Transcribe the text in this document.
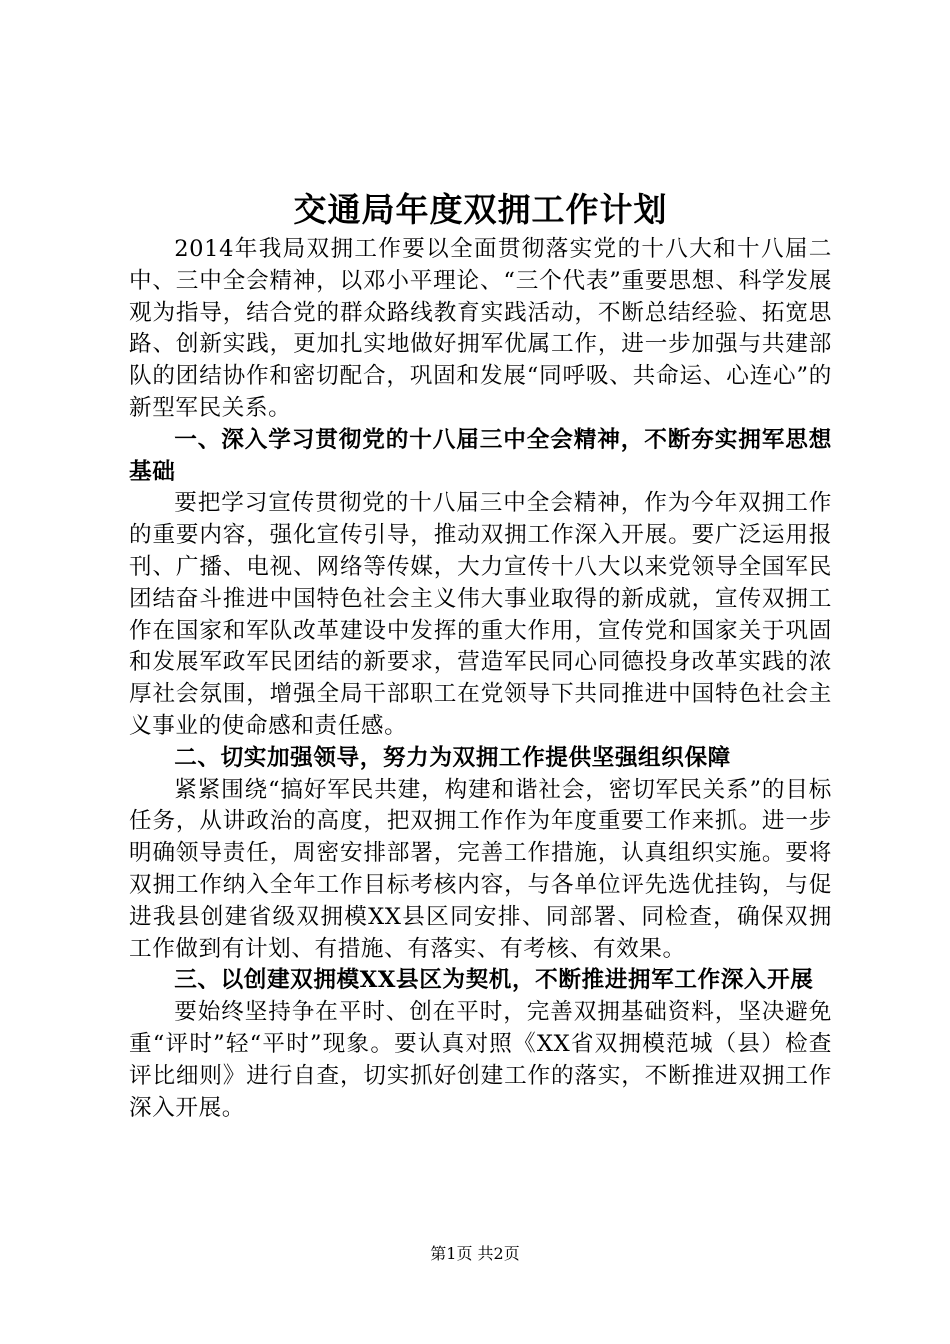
交通局年度双拥工作计划

2014年我局双拥工作要以全面贯彻落实党的十八大和十八届二中、三中全会精神，以邓小平理论、“三个代表”重要思想、科学发展观为指导，结合党的群众路线教育实践活动，不断总结经验、拓宽思路、创新实践，更加扎实地做好拥军优属工作，进一步加强与共建部队的团结协作和密切配合，巩固和发展“同呼吸、共命运、心连心”的新型军民关系。

一、深入学习贯彻党的十八届三中全会精神，不断夯实拥军思想基础

要把学习宣传贯彻党的十八届三中全会精神，作为今年双拥工作的重要内容，强化宣传引导，推动双拥工作深入开展。要广泛运用报刊、广播、电视、网络等传媒，大力宣传十八大以来党领导全国军民团结奋斗推进中国特色社会主义伟大事业取得的新成就，宣传双拥工作在国家和军队改革建设中发挥的重大作用，宣传党和国家关于巩固和发展军政军民团结的新要求，营造军民同心同德投身改革实践的浓厚社会氛围，增强全局干部职工在党领导下共同推进中国特色社会主义事业的使命感和责任感。

二、切实加强领导，努力为双拥工作提供坚强组织保障

紧紧围绕“搞好军民共建，构建和谐社会，密切军民关系”的目标任务，从讲政治的高度，把双拥工作作为年度重要工作来抓。进一步明确领导责任，周密安排部署，完善工作措施，认真组织实施。要将双拥工作纳入全年工作目标考核内容，与各单位评先选优挂钩，与促进我县创建省级双拥模XX县区同安排、同部署、同检查，确保双拥工作做到有计划、有措施、有落实、有考核、有效果。

三、以创建双拥模XX县区为契机，不断推进拥军工作深入开展

要始终坚持争在平时、创在平时，完善双拥基础资料，坚决避免重“评时”轻“平时”现象。要认真对照《XX省双拥模范城（县）检查评比细则》进行自查，切实抓好创建工作的落实，不断推进双拥工作深入开展。

第1页 共2页
